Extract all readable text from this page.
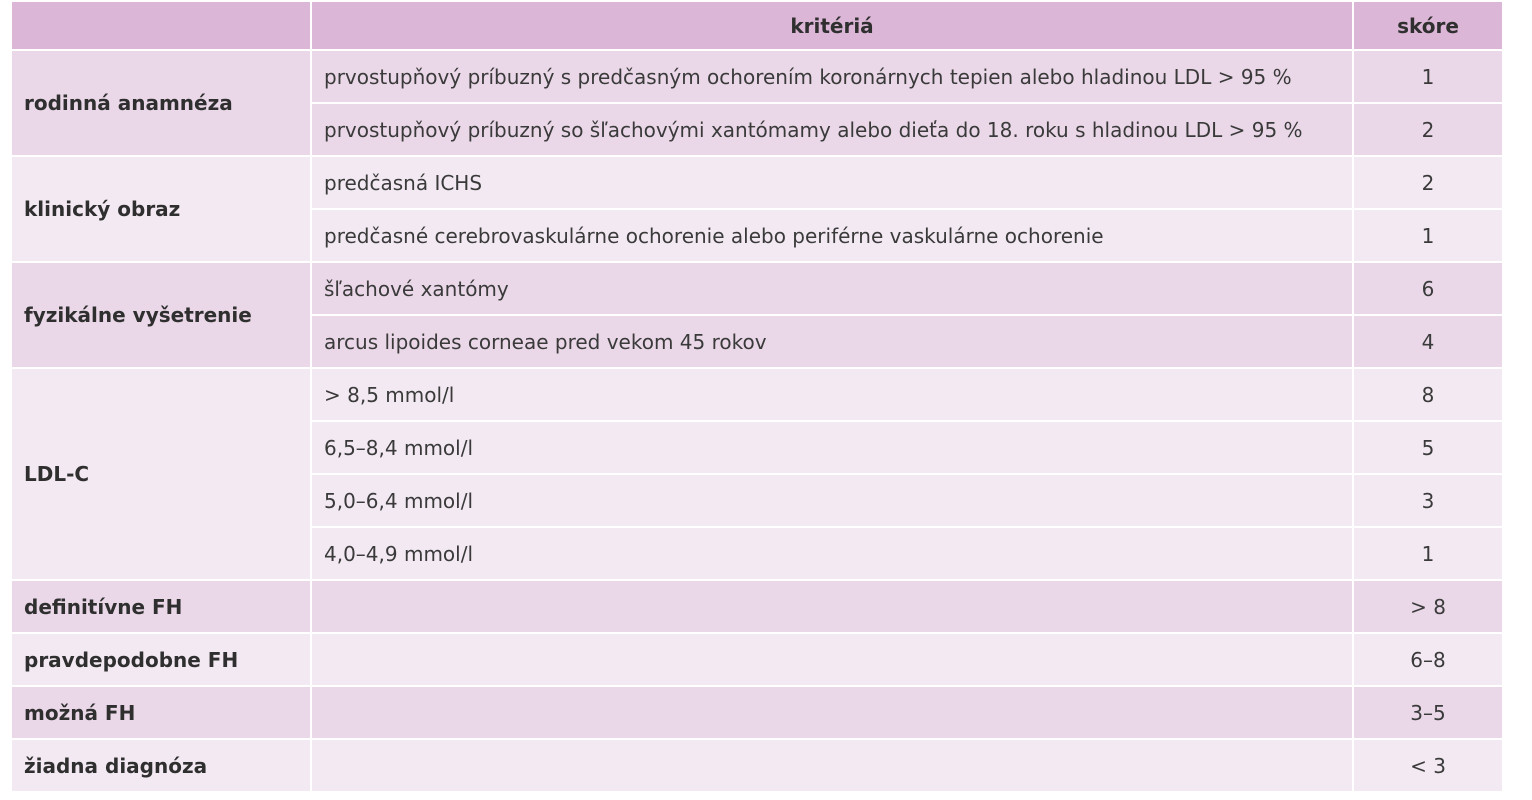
	kritériá	skóre
rodinná anamnéza	prvostupňový príbuzný s predčasným ochorením koronárnych tepien alebo hladinou LDL > 95 %	1
	prvostupňový príbuzný so šľachovými xantómamy alebo dieťa do 18. roku s hladinou LDL > 95 %	2
klinický obraz	predčasná ICHS	2
	predčasné cerebrovaskulárne ochorenie alebo periférne vaskulárne ochorenie	1
fyzikálne vyšetrenie	šľachové xantómy	6
	arcus lipoides corneae pred vekom 45 rokov	4
LDL-C	> 8,5 mmol/l	8
	6,5–8,4 mmol/l	5
	5,0–6,4 mmol/l	3
	4,0–4,9 mmol/l	1
definitívne FH		> 8
pravdepodobne FH		6–8
možná FH		3–5
žiadna diagnóza		< 3
